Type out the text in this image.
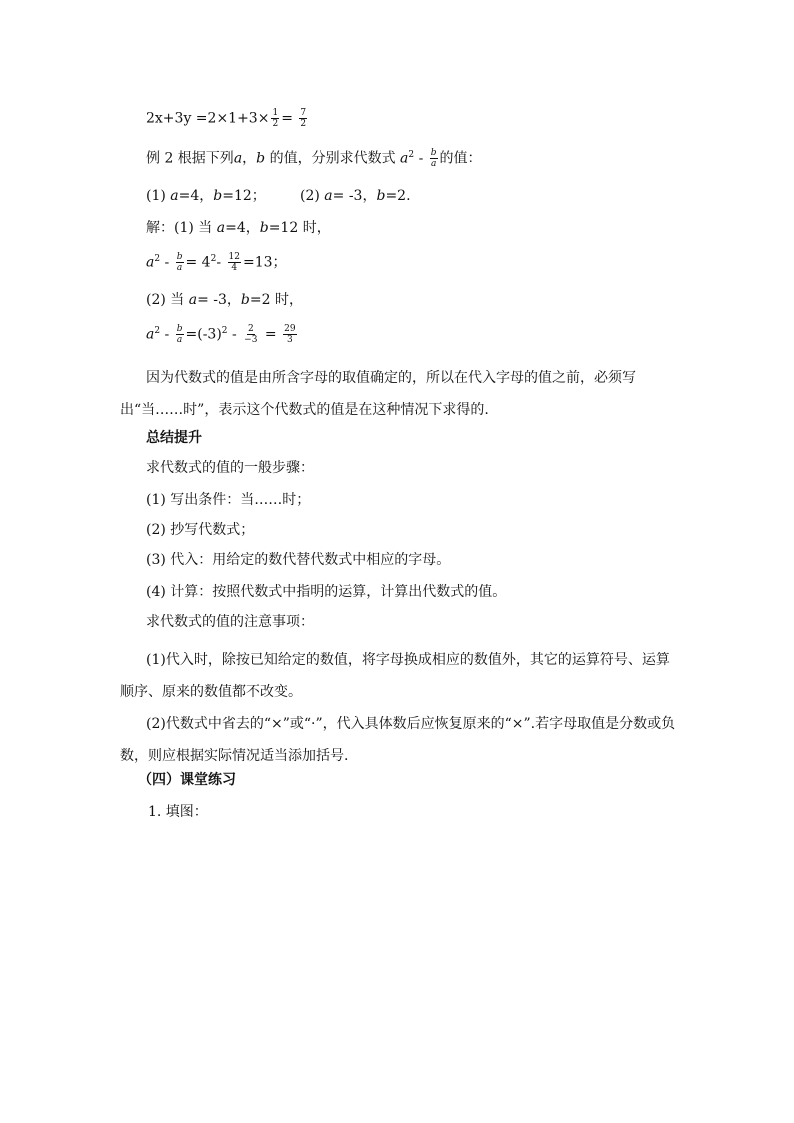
$2x+3y =2\times 1+3\times \frac{1}{2} = \frac{7}{2}$
例 2 根据下列a，b 的值，分别求代数式 $a^2 - \frac{b}{a}$ 的值：
(1) a=4，b=12； (2) a= -3，b=2.
解：(1) 当 a=4，b=12 时，
$a^2 - \frac{b}{a} = 4^2- \frac{12}{4} =13$；
(2) 当 a= -3，b=2 时，
$a^2 - \frac{b}{a} =(-3)^2 - \frac{2}{-3} = \frac{29}{3}$
因为代数式的值是由所含字母的取值确定的，所以在代入字母的值之前，必须写出“当……时”，表示这个代数式的值是在这种情况下求得的.
总结提升
求代数式的值的一般步骤：
(1) 写出条件：当……时；
(2) 抄写代数式；
(3) 代入：用给定的数代替代数式中相应的字母。
(4) 计算：按照代数式中指明的运算，计算出代数式的值。
求代数式的值的注意事项：
(1)代入时，除按已知给定的数值，将字母换成相应的数值外，其它的运算符号、运算顺序、原来的数值都不改变。
(2)代数式中省去的“×”或“·”，代入具体数后应恢复原来的“×”.若字母取值是分数或负数，则应根据实际情况适当添加括号.
（四）课堂练习
1. 填图：
